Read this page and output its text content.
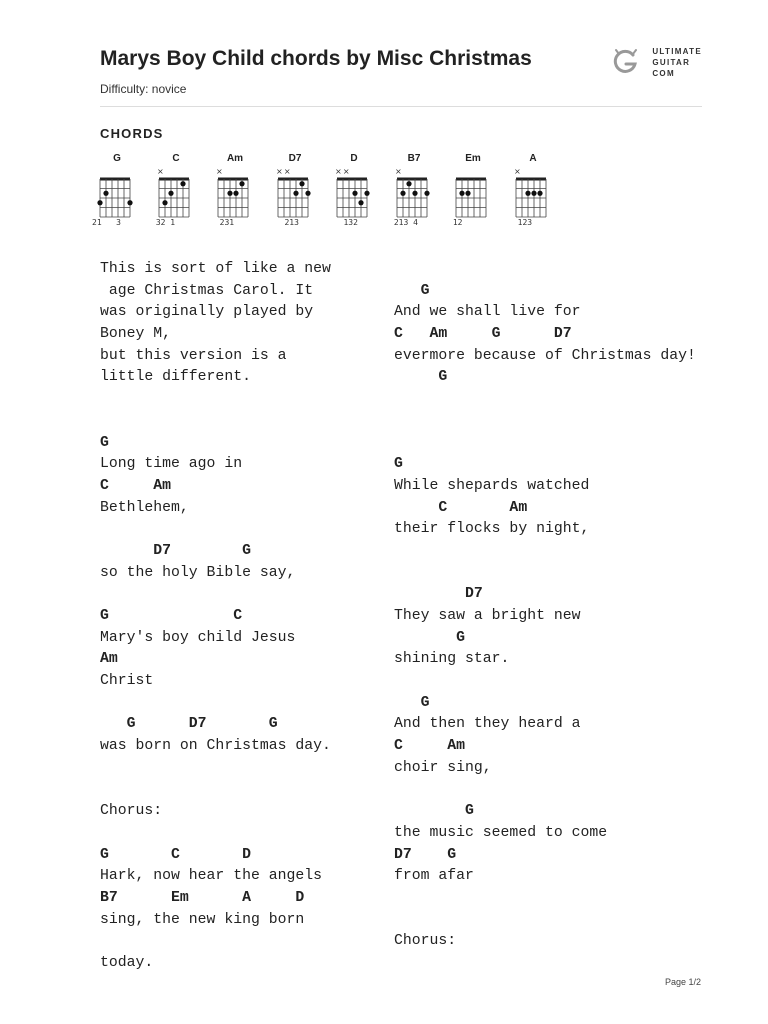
Marys Boy Child chords by Misc Christmas
Difficulty: novice
ULTIMATE
GUITAR
COM
CHORDS
G
21   3
C
×
32 1
Am
×
231
D7
××
213
D
××
132
B7
×
213 4
Em
12
A
×
123
This is sort of like a new
age Christmas Carol. It
was originally played by
Boney M,
but this version is a
little different.
G
Long time ago in
C     Am
Bethlehem,
D7        G
so the holy Bible say,
G              C
Mary's boy child Jesus
Am
Christ
G      D7       G
was born on Christmas day.
Chorus:
G       C       D
Hark, now hear the angels
B7      Em      A     D
sing, the new king born
today.
G
And we shall live for
C   Am     G      D7
evermore because of Christmas day!
G
G
While shepards watched
C       Am
their flocks by night,
D7
They saw a bright new
G
shining star.
G
And then they heard a
C     Am
choir sing,
G
the music seemed to come
D7    G
from afar
Chorus:
Page 1/2
